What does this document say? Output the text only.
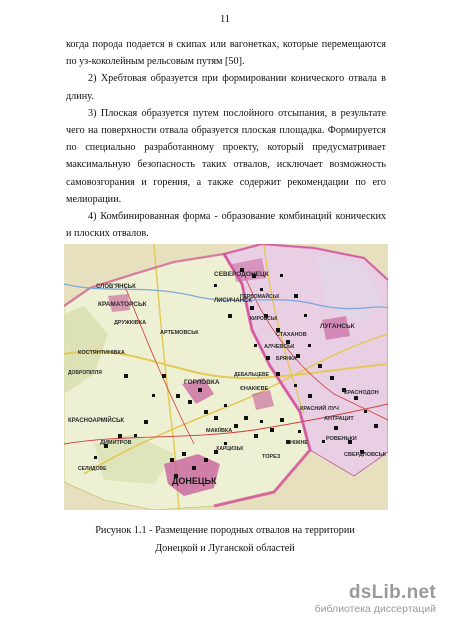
11

когда порода подается в скипах или вагонетках, которые перемещаются по уз-коколейным рельсовым путям [50].

2) Хребтовая образуется при формировании конического отвала в длину.

3) Плоская образуется путем послойного отсыпания, в результате чего на поверхности отвала образуется плоская площадка. Формируется по специально разработанному проекту, который предусматривает максимальную безопасность таких отвалов, исключает возможность самовозгорания и горения, а также содержит рекомендации по его мелиорации.

4) Комбинированная форма - образование комбинаций конических и плоских отвалов.

СЕВЕРОДОНЕЦК
ЛИСИЧАНСК
СЛОВ'ЯНСЬК
КРАМАТОРСЬК
ДРУЖКІВКА
КОСТЯНТИНІВКА
АРТЕМОВСЬК
АЛЧЕВСЬК
СТАХАНОВ
КИРОВСЬК
ЛУГАНСЬК
БРЯНКА
ГОРЛОВКА
ЄНАКІЄВЕ
ДЕБАЛЬЦЕВЕ
КРАСНИЙ ЛУЧ
АНТРАЦИТ
РОВЕНЬКИ
СВЕРДЛОВСЬК
КРАСНОДОН
ПЕРВОМАЙСЬК
КРАСНОАРМІЙСЬК
ДИМИТРОВ
СЕЛИДОВЕ
ДОБРОПІЛЛЯ
МАКІЇВКА
ХАРЦИЗЬК
ТОРЕЗ
СНІЖНЕ
ДОНЕЦЬК
Рисунок 1.1 - Размещение породных отвалов на территории
Донецкой и Луганской областей
dsLib.net
библиотека диссертаций
